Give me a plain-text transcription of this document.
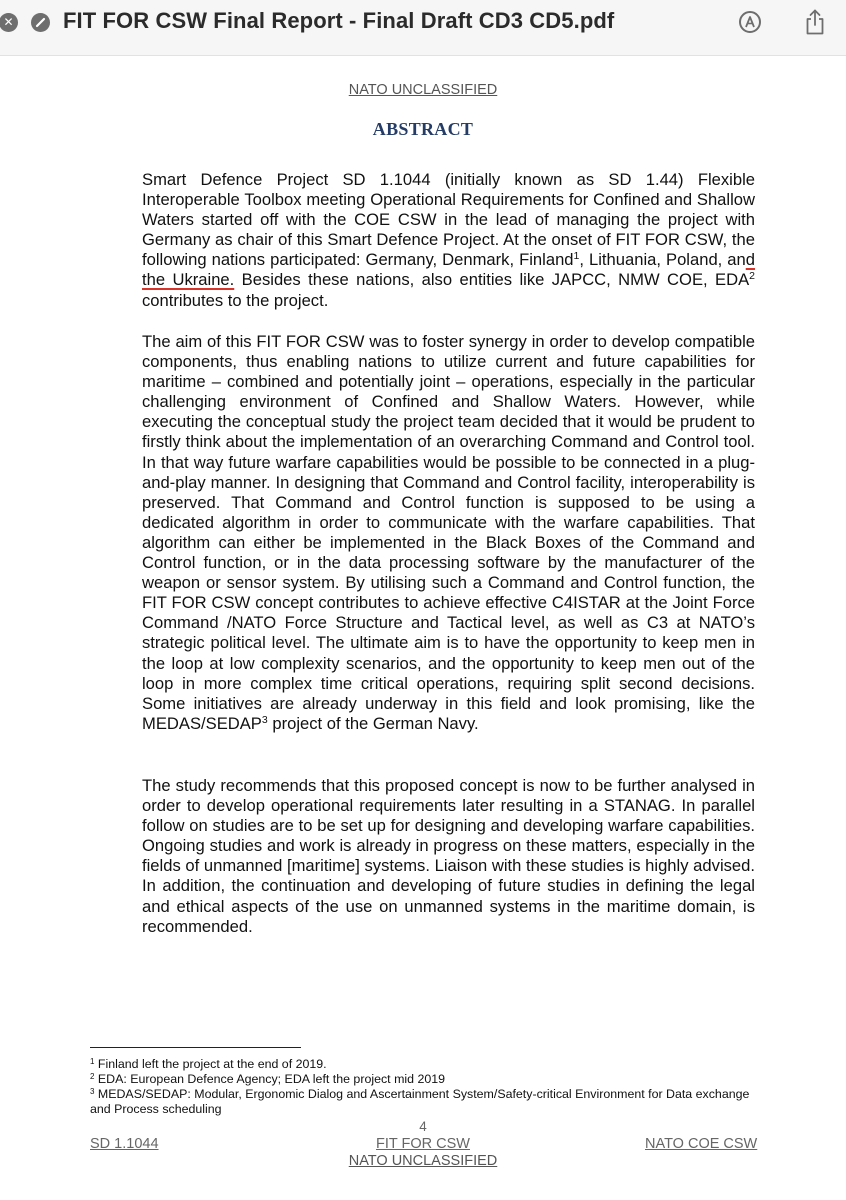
✕ FIT FOR CSW Final Report - Final Draft CD3 CD5.pdf
NATO UNCLASSIFIED
ABSTRACT

Smart Defence Project SD 1.1044 (initially known as SD 1.44) Flexible Interoperable Toolbox meeting Operational Requirements for Confined and Shallow Waters started off with the COE CSW in the lead of managing the project with Germany as chair of this Smart Defence Project. At the onset of FIT FOR CSW, the following nations participated: Germany, Denmark, Finland$^1$, Lithuania, Poland, and the Ukraine. Besides these nations, also entities like JAPCC, NMW COE, EDA$^2$ contributes to the project.

The aim of this FIT FOR CSW was to foster synergy in order to develop compatible components, thus enabling nations to utilize current and future capabilities for maritime – combined and potentially joint – operations, especially in the particular challenging environment of Confined and Shallow Waters. However, while executing the conceptual study the project team decided that it would be prudent to firstly think about the implementation of an overarching Command and Control tool. In that way future warfare capabilities would be possible to be connected in a plug-and-play manner. In designing that Command and Control facility, interoperability is preserved. That Command and Control function is supposed to be using a dedicated algorithm in order to communicate with the warfare capabilities. That algorithm can either be implemented in the Black Boxes of the Command and Control function, or in the data processing software by the manufacturer of the weapon or sensor system. By utilising such a Command and Control function, the FIT FOR CSW concept contributes to achieve effective C4ISTAR at the Joint Force Command /NATO Force Structure and Tactical level, as well as C3 at NATO’s strategic political level. The ultimate aim is to have the opportunity to keep men in the loop at low complexity scenarios, and the opportunity to keep men out of the loop in more complex time critical operations, requiring split second decisions. Some initiatives are already underway in this field and look promising, like the MEDAS/SEDAP$^3$ project of the German Navy.

The study recommends that this proposed concept is now to be further analysed in order to develop operational requirements later resulting in a STANAG. In parallel follow on studies are to be set up for designing and developing warfare capabilities. Ongoing studies and work is already in progress on these matters, especially in the fields of unmanned [maritime] systems. Liaison with these studies is highly advised. In addition, the continuation and developing of future studies in defining the legal and ethical aspects of the use on unmanned systems in the maritime domain, is recommended.

$^1$ Finland left the project at the end of 2019.

$^2$ EDA: European Defence Agency; EDA left the project mid 2019

$^3$ MEDAS/SEDAP: Modular, Ergonomic Dialog and Ascertainment System/Safety-critical Environment for Data exchange and Process scheduling

4
SD 1.1044	FIT FOR CSW	NATO COE CSW
NATO UNCLASSIFIED
